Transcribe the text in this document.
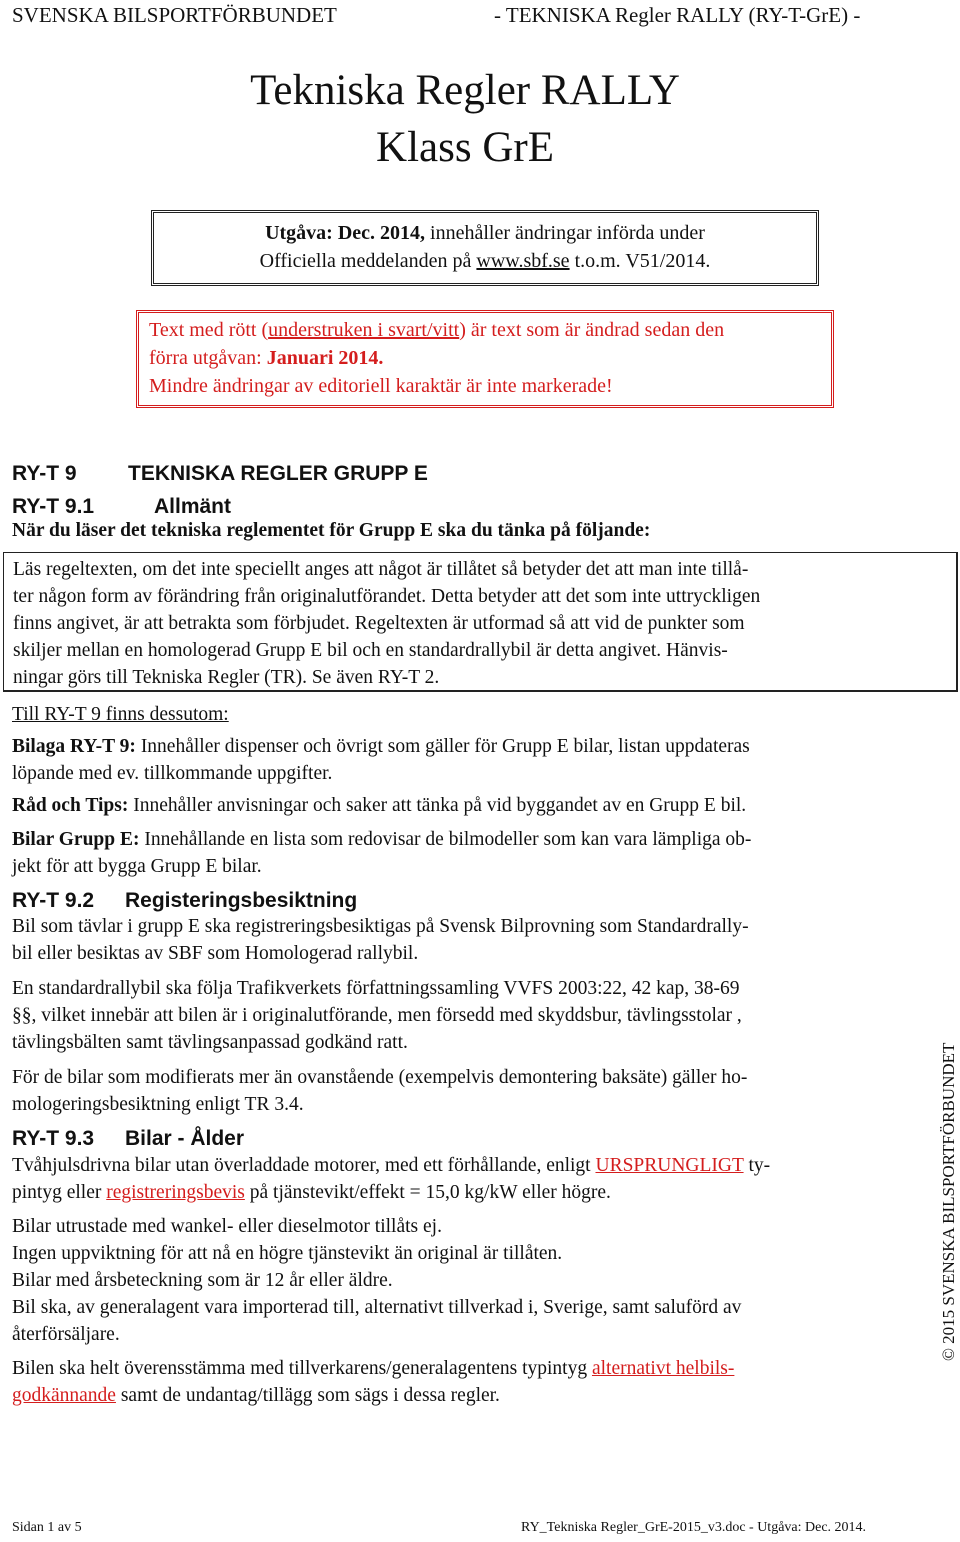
SVENSKA BILSPORTFÖRBUNDET	- TEKNISKA Regler RALLY (RY-T-GrE) -
Tekniska Regler RALLY
Klass GrE
Utgåva: Dec. 2014, innehåller ändringar införda under
Officiella meddelanden på www.sbf.se t.o.m. V51/2014.
Text med rött (understruken i svart/vitt) är text som är ändrad sedan den
förra utgåvan: Januari 2014.
Mindre ändringar av editoriell karaktär är inte markerade!
RY-T 9 TEKNISKA REGLER GRUPP E
RY-T 9.1	Allmänt
När du läser det tekniska reglementet för Grupp E ska du tänka på följande:
Läs regeltexten, om det inte speciellt anges att något är tillåtet så betyder det att man inte tillå-
ter någon form av förändring från originalutförandet. Detta betyder att det som inte uttryckligen
finns angivet, är att betrakta som förbjudet. Regeltexten är utformad så att vid de punkter som
skiljer mellan en homologerad Grupp E bil och en standardrallybil är detta angivet. Hänvis-
ningar görs till Tekniska Regler (TR). Se även RY-T 2.
Till RY-T 9 finns dessutom:
Bilaga RY-T 9: Innehåller dispenser och övrigt som gäller för Grupp E bilar, listan uppdateras
löpande med ev. tillkommande uppgifter.
Råd och Tips: Innehåller anvisningar och saker att tänka på vid byggandet av en Grupp E bil.
Bilar Grupp E: Innehållande en lista som redovisar de bilmodeller som kan vara lämpliga ob-
jekt för att bygga Grupp E bilar.
RY-T 9.2 Registeringsbesiktning
Bil som tävlar i grupp E ska registreringsbesiktigas på Svensk Bilprovning som Standardrally-
bil eller besiktas av SBF som Homologerad rallybil.
En standardrallybil ska följa Trafikverkets författningssamling VVFS 2003:22, 42 kap, 38-69
§§, vilket innebär att bilen är i originalutförande, men försedd med skyddsbur, tävlingsstolar ,
tävlingsbälten samt tävlingsanpassad godkänd ratt.
För de bilar som modifierats mer än ovanstående (exempelvis demontering baksäte) gäller ho-
mologeringsbesiktning enligt TR 3.4.
RY-T 9.3 Bilar - Ålder
Tvåhjulsdrivna bilar utan överladdade motorer, med ett förhållande, enligt URSPRUNGLIGT ty-
pintyg eller registreringsbevis på tjänstevikt/effekt = 15,0 kg/kW eller högre.
Bilar utrustade med wankel- eller dieselmotor tillåts ej.
Ingen uppviktning för att nå en högre tjänstevikt än original är tillåten.
Bilar med årsbeteckning som är 12 år eller äldre.
Bil ska, av generalagent vara importerad till, alternativt tillverkad i, Sverige, samt saluförd av
återförsäljare.
Bilen ska helt överensstämma med tillverkarens/generalagentens typintyg alternativt helbils-
godkännande samt de undantag/tillägg som sägs i dessa regler.
© 2015 SVENSKA BILSPORTFÖRBUNDET
Sidan 1 av 5	RY_Tekniska Regler_GrE-2015_v3.doc - Utgåva: Dec. 2014.
